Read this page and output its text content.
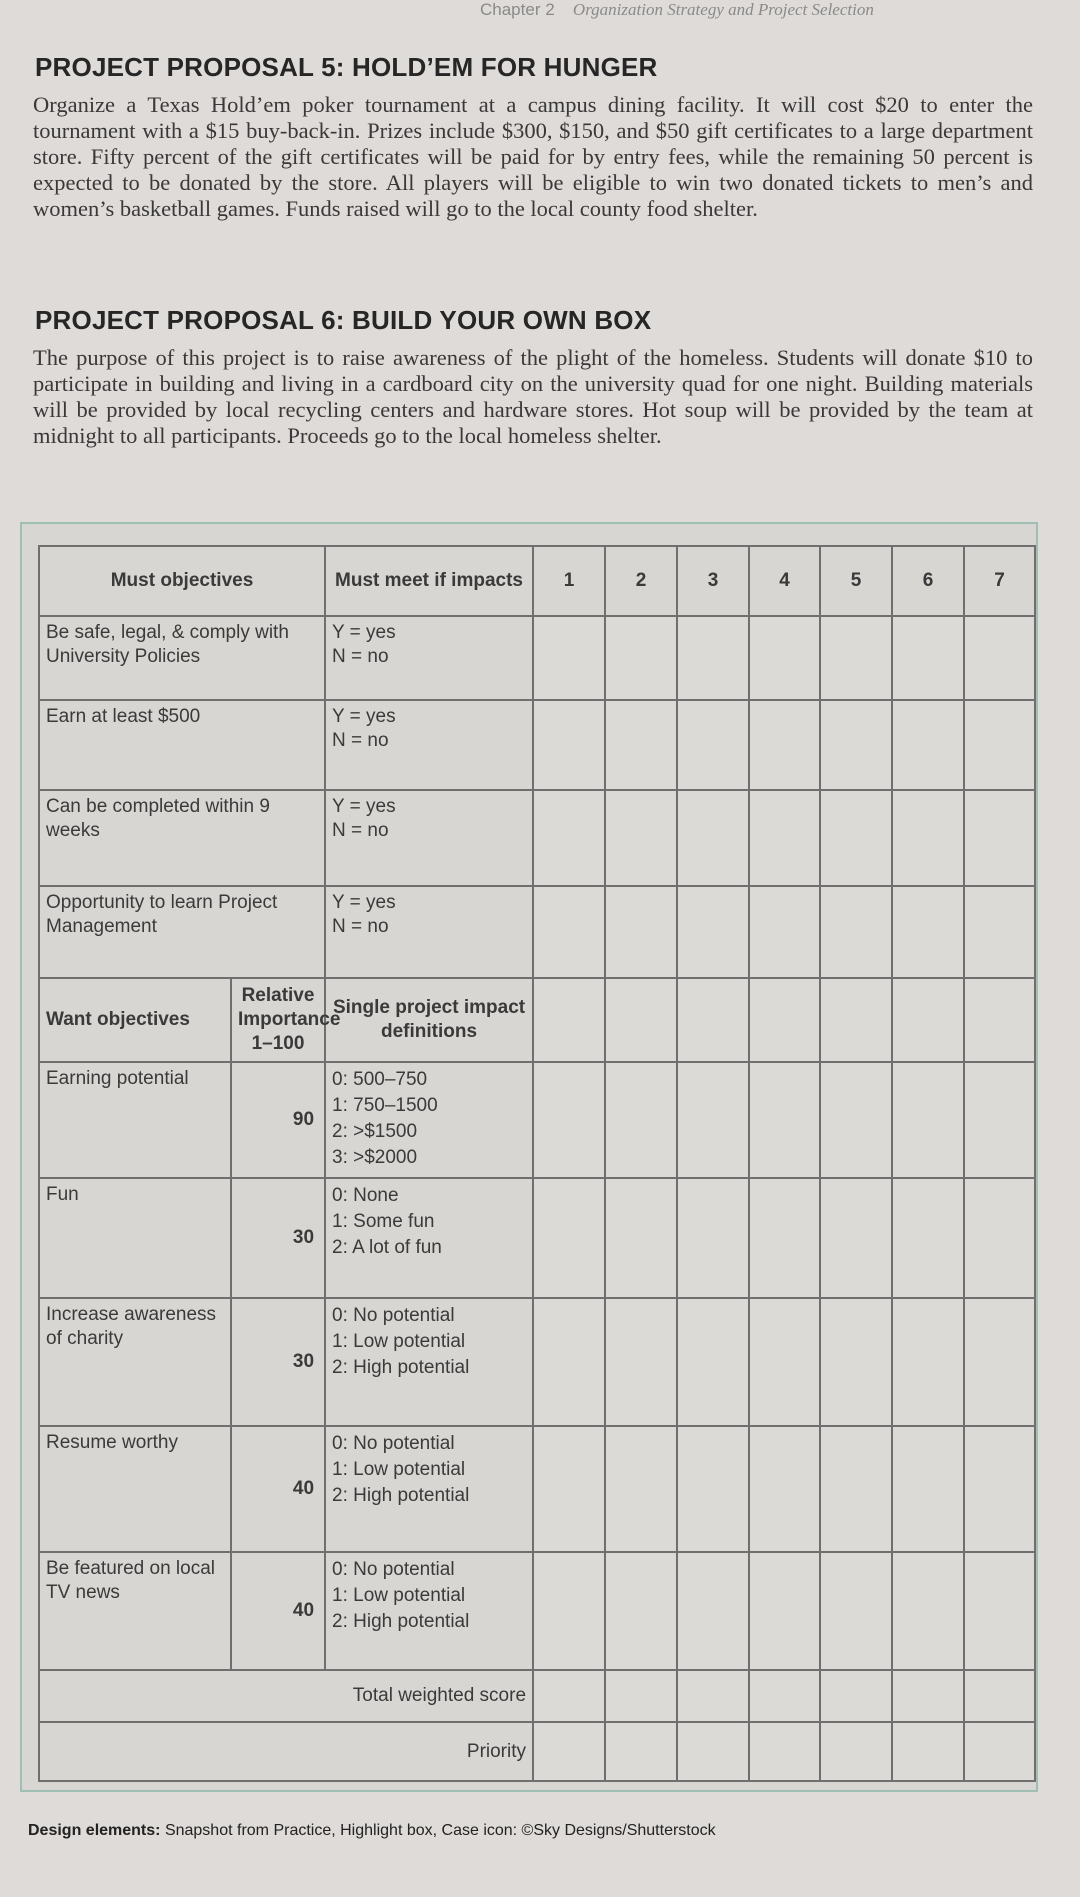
Chapter 2 Organization Strategy and Project Selection
PROJECT PROPOSAL 5: HOLD’EM FOR HUNGER
Organize a Texas Hold’em poker tournament at a campus dining facility. It will cost $20 to enter the tournament with a $15 buy-back-in. Prizes include $300, $150, and $50 gift certificates to a large department store. Fifty percent of the gift certificates will be paid for by entry fees, while the remaining 50 percent is expected to be donated by the store. All players will be eligible to win two donated tickets to men’s and women’s basketball games. Funds raised will go to the local county food shelter.
PROJECT PROPOSAL 6: BUILD YOUR OWN BOX
The purpose of this project is to raise awareness of the plight of the homeless. Students will donate $10 to participate in building and living in a cardboard city on the university quad for one night. Building materials will be provided by local recycling centers and hardware stores. Hot soup will be provided by the team at midnight to all participants. Proceeds go to the local homeless shelter.
Must objectives		Must meet if impacts	1	2	3	4	5	6	7
Be safe, legal, & comply with University Policies		Y = yes
N = no							

Earn at least $500		Y = yes
N = no							

Can be completed within 9 weeks		Y = yes
N = no							

Opportunity to learn Project Management		Y = yes
N = no							

Want objectives	Relative Importance 1–100	Single project impact definitions							
Earning potential	90	0: 500–750
1: 750–1500
2: >$1500
3: >$2000							

Fun	30	0: None
1: Some fun
2: A lot of fun							

Increase awareness of charity	30	0: No potential
1: Low potential
2: High potential							

Resume worthy	40	0: No potential
1: Low potential
2: High potential							

Be featured on local TV news	40	0: No potential
1: Low potential
2: High potential							

Total weighted score									
Priority									
Design elements: Snapshot from Practice, Highlight box, Case icon: ©Sky Designs/Shutterstock
